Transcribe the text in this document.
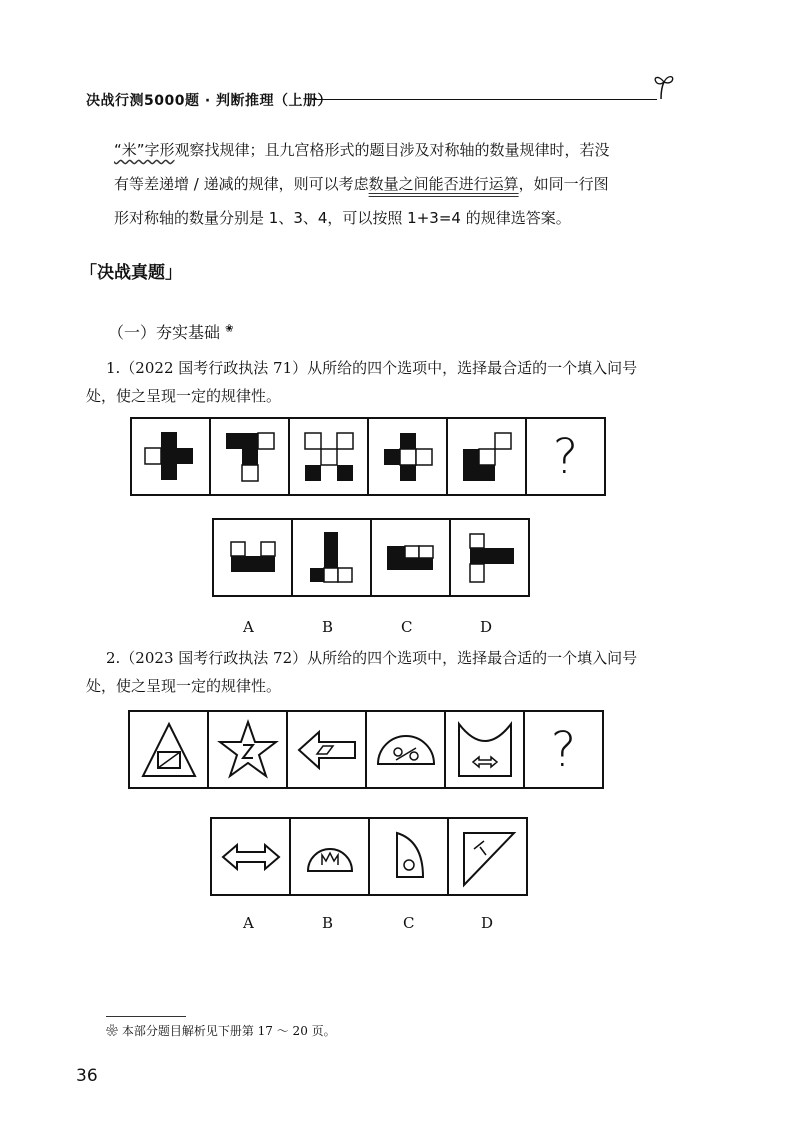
决战行测5000题 · 判断推理（上册）

“米”字形观察找规律；且九宫格形式的题目涉及对称轴的数量规律时，若没

有等差递增 / 递减的规律，则可以考虑数量之间能否进行运算，如同一行图

形对称轴的数量分别是 1、3、4，可以按照 1+3=4 的规律选答案。

「决战真题」
（一）夯实基础 ❀

1.（2022 国考行政执法 71）从所给的四个选项中，选择最合适的一个填入问号

处，使之呈现一定的规律性。

?
A	B	C	D

2.（2023 国考行政执法 72）从所给的四个选项中，选择最合适的一个填入问号

处，使之呈现一定的规律性。

?
A	B	C	D
❀ 本部分题目解析见下册第 17 ～ 20 页。
36
